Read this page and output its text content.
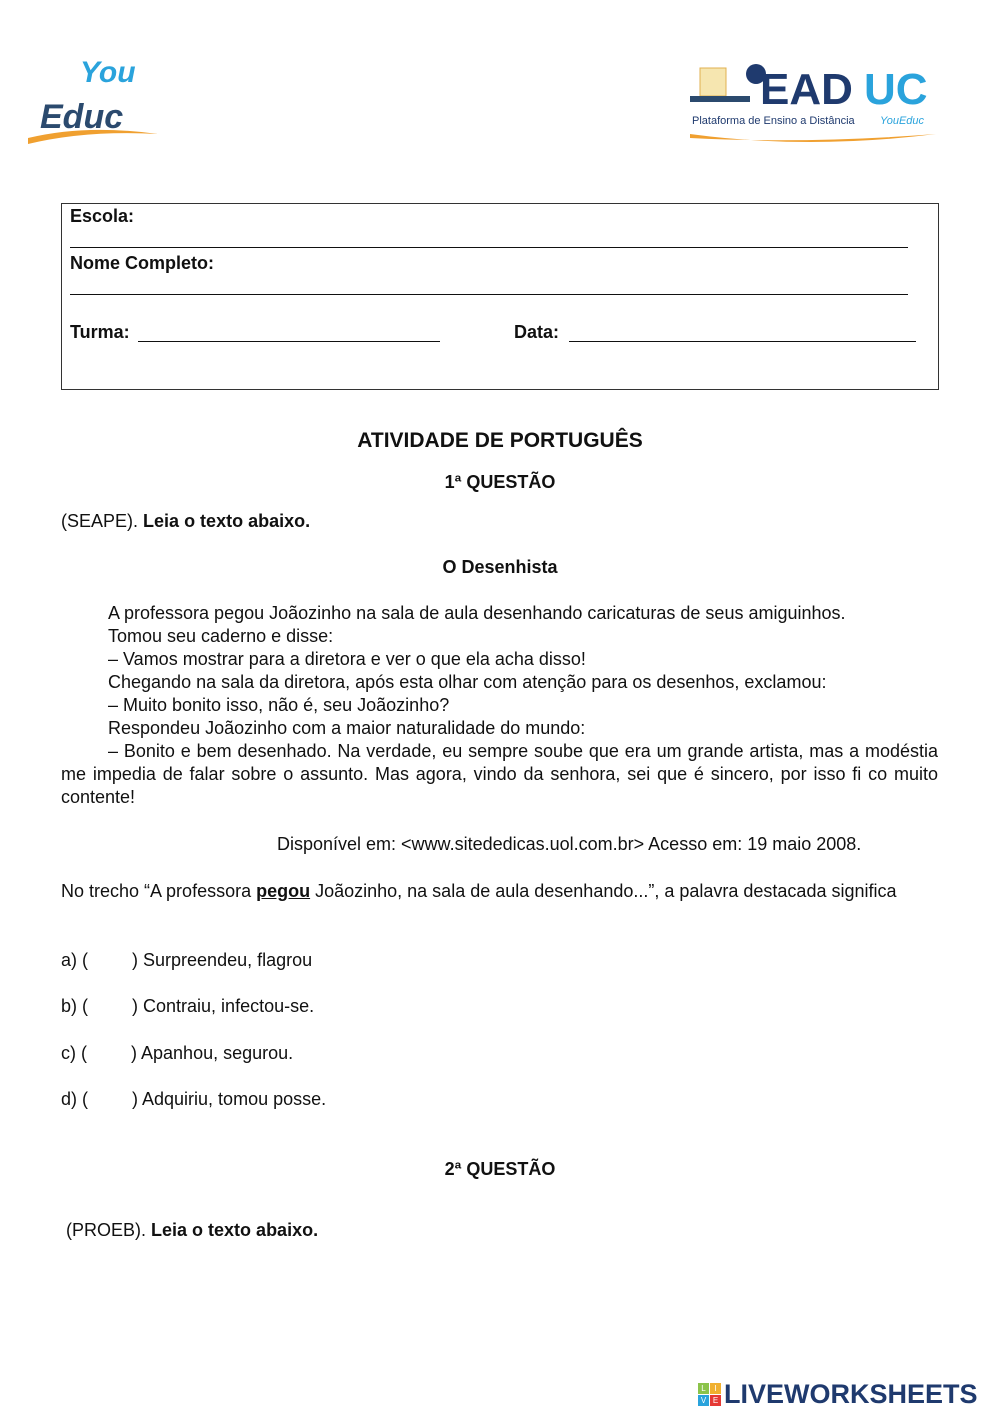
You
Educ
EAD UC
Plataforma de Ensino a Distância YouEduc
Escola:
Nome Completo:
Turma:	Data:
ATIVIDADE DE PORTUGUÊS
1ª QUESTÃO
(SEAPE). Leia o texto abaixo.
O Desenhista
A professora pegou Joãozinho na sala de aula desenhando caricaturas de seus amiguinhos.
Tomou seu caderno e disse:
– Vamos mostrar para a diretora e ver o que ela acha disso!
Chegando na sala da diretora, após esta olhar com atenção para os desenhos, exclamou:
– Muito bonito isso, não é, seu Joãozinho?
Respondeu Joãozinho com a maior naturalidade do mundo:
– Bonito e bem desenhado. Na verdade, eu sempre soube que era um grande artista, mas a modéstia me impedia de falar sobre o assunto. Mas agora, vindo da senhora, sei que é sincero, por isso fi co muito contente!
Disponível em: <www.sitededicas.uol.com.br> Acesso em: 19 maio 2008.
No trecho “A professora pegou Joãozinho, na sala de aula desenhando...”, a palavra destacada significa
a) ( ) Surpreendeu, flagrou
b) ( ) Contraiu, infectou-se.
c) ( ) Apanhou, segurou.
d) ( ) Adquiriu, tomou posse.
2ª QUESTÃO
(PROEB). Leia o texto abaixo.
L	I
V E LIVEWORKSHEETS
